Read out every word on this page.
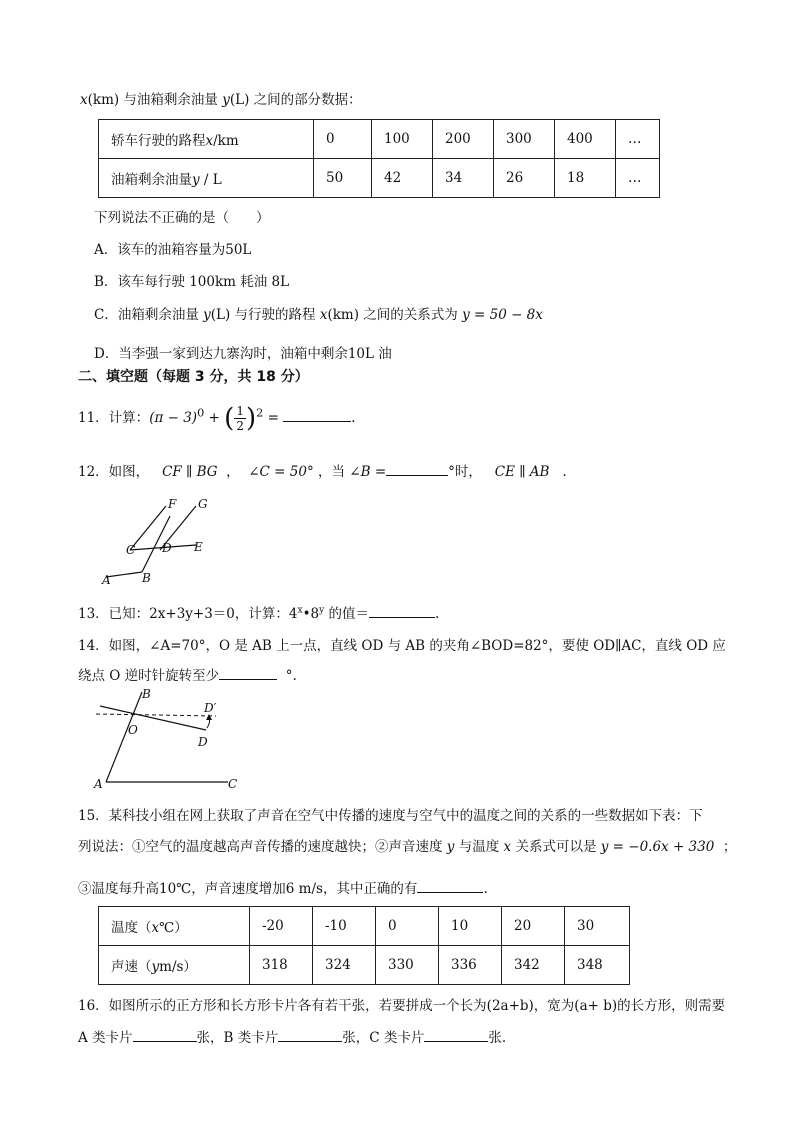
x(km) 与油箱剩余油量 y(L) 之间的部分数据：
轿车行驶的路程x/km	0	100	200	300	400	…
油箱剩余油量y / L	50	42	34	26	18	…
下列说法不正确的是（　　）
A．该车的油箱容量为50L
B．该车每行驶 100km 耗油 8L
C．油箱剩余油量 y(L) 与行驶的路程 x(km) 之间的关系式为 y = 50 − 8x
D．当李强一家到达九寨沟时，油箱中剩余10L 油
二、填空题（每题 3 分，共 18 分）
11．计算：$(\pi - 3)^0$ + ( $\frac{1}{2} )^2$ =	.
12．如图， CF ∥ BG ， ∠C = 50° ，当 ∠B =	°时， CE ∥ AB .
F G
C D E
A	B
13．已知：2x+3y+3＝0，计算：4$^x$•8$^y$ 的值＝	.
14．如图，∠A=70°，O 是 AB 上一点，直线 OD 与 AB 的夹角∠BOD=82°，要使 OD∥AC，直线 OD 应
绕点 O 逆时针旋转至少	°.
B
O
D′
D
A	C
15．某科技小组在网上获取了声音在空气中传播的速度与空气中的温度之间的关系的一些数据如下表：下
列说法：①空气的温度越高声音传播的速度越快；②声音速度 y 与温度 x 关系式可以是 y = −0.6x + 330 ；
③温度每升高10℃，声音速度增加6 m/s，其中正确的有	.
温度（x℃）	-20	-10	0	10	20	30
声速（ym/s）	318	324	330	336	342	348
16．如图所示的正方形和长方形卡片各有若干张，若要拼成一个长为(2a+b)，宽为(a+ b)的长方形，则需要
A 类卡片	张，B 类卡片	张，C 类卡片	张.
